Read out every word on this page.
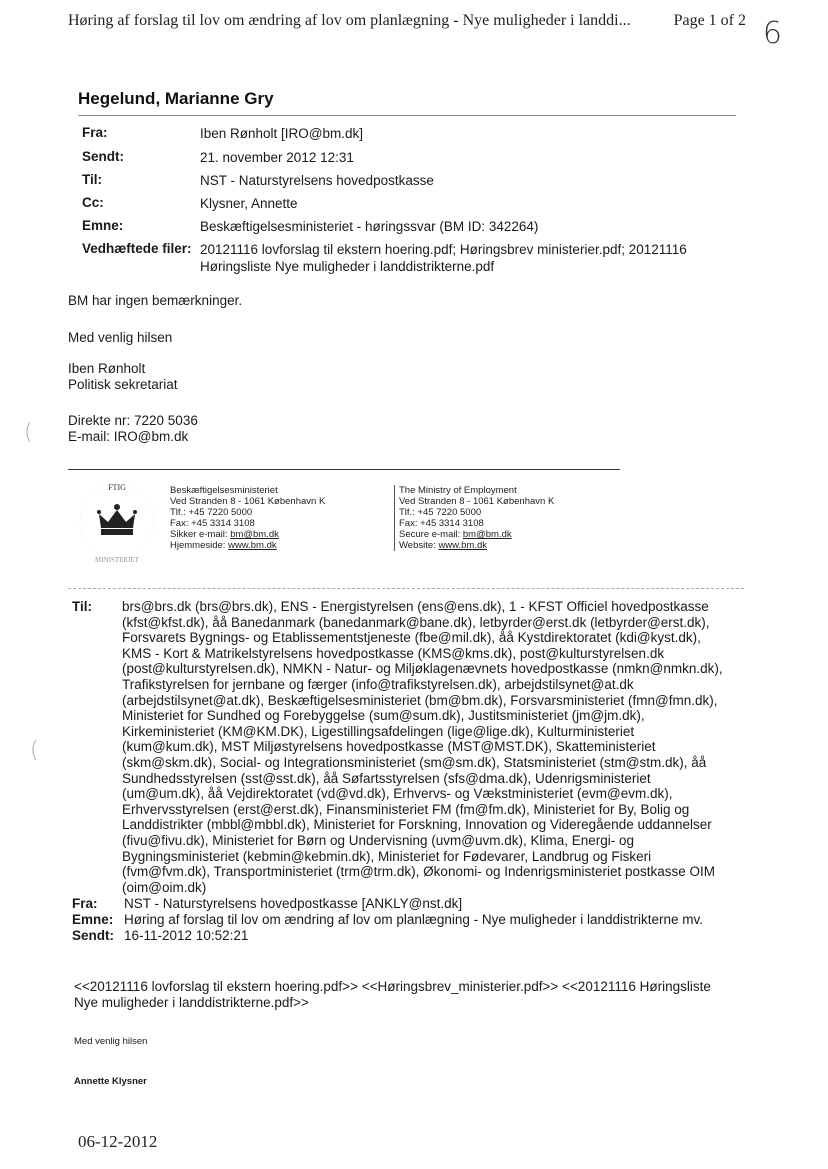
Høring af forslag til lov om ændring af lov om planlægning - Nye muligheder i landdi...	Page 1 of 2 6
Hegelund, Marianne Gry
Fra:	Iben Rønholt [IRO@bm.dk]
Sendt:	21. november 2012 12:31
Til:	NST - Naturstyrelsens hovedpostkasse
Cc:	Klysner, Annette
Emne:	Beskæftigelsesministeriet - høringssvar (BM ID: 342264)
Vedhæftede filer: 20121116 lovforslag til ekstern hoering.pdf; Høringsbrev ministerier.pdf; 20121116 Høringsliste Nye muligheder i landdistrikterne.pdf
BM har ingen bemærkninger.
Med venlig hilsen
Iben Rønholt
Politisk sekretariat
Direkte nr: 7220 5036
E-mail: IRO@bm.dk
(
FTIG
MINISTERIET
Beskæftigelsesministeriet
Ved Stranden 8 - 1061 København K
Tlf.: +45 7220 5000
Fax: +45 3314 3108
Sikker e-mail: bm@bm.dk
Hjemmeside: www.bm.dk
The Ministry of Employment
Ved Stranden 8 - 1061 København K
Tlf.: +45 7220 5000
Fax: +45 3314 3108
Secure e-mail: bm@bm.dk
Website: www.bm.dk
Til: brs@brs.dk (brs@brs.dk), ENS - Energistyrelsen (ens@ens.dk), 1 - KFST Officiel hovedpostkasse
(kfst@kfst.dk), åå Banedanmark (banedanmark@bane.dk), letbyrder@erst.dk (letbyrder@erst.dk),
Forsvarets Bygnings- og Etablissementstjeneste (fbe@mil.dk), åå Kystdirektoratet (kdi@kyst.dk),
KMS - Kort & Matrikelstyrelsens hovedpostkasse (KMS@kms.dk), post@kulturstyrelsen.dk
(post@kulturstyrelsen.dk), NMKN - Natur- og Miljøklagenævnets hovedpostkasse (nmkn@nmkn.dk),
Trafikstyrelsen for jernbane og færger (info@trafikstyrelsen.dk), arbejdstilsynet@at.dk
(arbejdstilsynet@at.dk), Beskæftigelsesministeriet (bm@bm.dk), Forsvarsministeriet (fmn@fmn.dk),
Ministeriet for Sundhed og Forebyggelse (sum@sum.dk), Justitsministeriet (jm@jm.dk),
Kirkeministeriet (KM@KM.DK), Ligestillingsafdelingen (lige@lige.dk), Kulturministeriet
(kum@kum.dk), MST Miljøstyrelsens hovedpostkasse (MST@MST.DK), Skatteministeriet
(skm@skm.dk), Social- og Integrationsministeriet (sm@sm.dk), Statsministeriet (stm@stm.dk), åå
Sundhedsstyrelsen (sst@sst.dk), åå Søfartsstyrelsen (sfs@dma.dk), Udenrigsministeriet
(um@um.dk), åå Vejdirektoratet (vd@vd.dk), Erhvervs- og Vækstministeriet (evm@evm.dk),
Erhvervsstyrelsen (erst@erst.dk), Finansministeriet FM (fm@fm.dk), Ministeriet for By, Bolig og
Landdistrikter (mbbl@mbbl.dk), Ministeriet for Forskning, Innovation og Videregående uddannelser
(fivu@fivu.dk), Ministeriet for Børn og Undervisning (uvm@uvm.dk), Klima, Energi- og
Bygningsministeriet (kebmin@kebmin.dk), Ministeriet for Fødevarer, Landbrug og Fiskeri
(fvm@fvm.dk), Transportministeriet (trm@trm.dk), Økonomi- og Indenrigsministeriet postkasse OIM
(oim@oim.dk)
(
Fra: NST - Naturstyrelsens hovedpostkasse [ANKLY@nst.dk]
Emne: Høring af forslag til lov om ændring af lov om planlægning - Nye muligheder i landdistrikterne mv.
Sendt: 16-11-2012 10:52:21
<<20121116 lovforslag til ekstern hoering.pdf>> <<Høringsbrev_ministerier.pdf>> <<20121116 Høringsliste
Nye muligheder i landdistrikterne.pdf>>
Med venlig hilsen
Annette Klysner
06-12-2012
